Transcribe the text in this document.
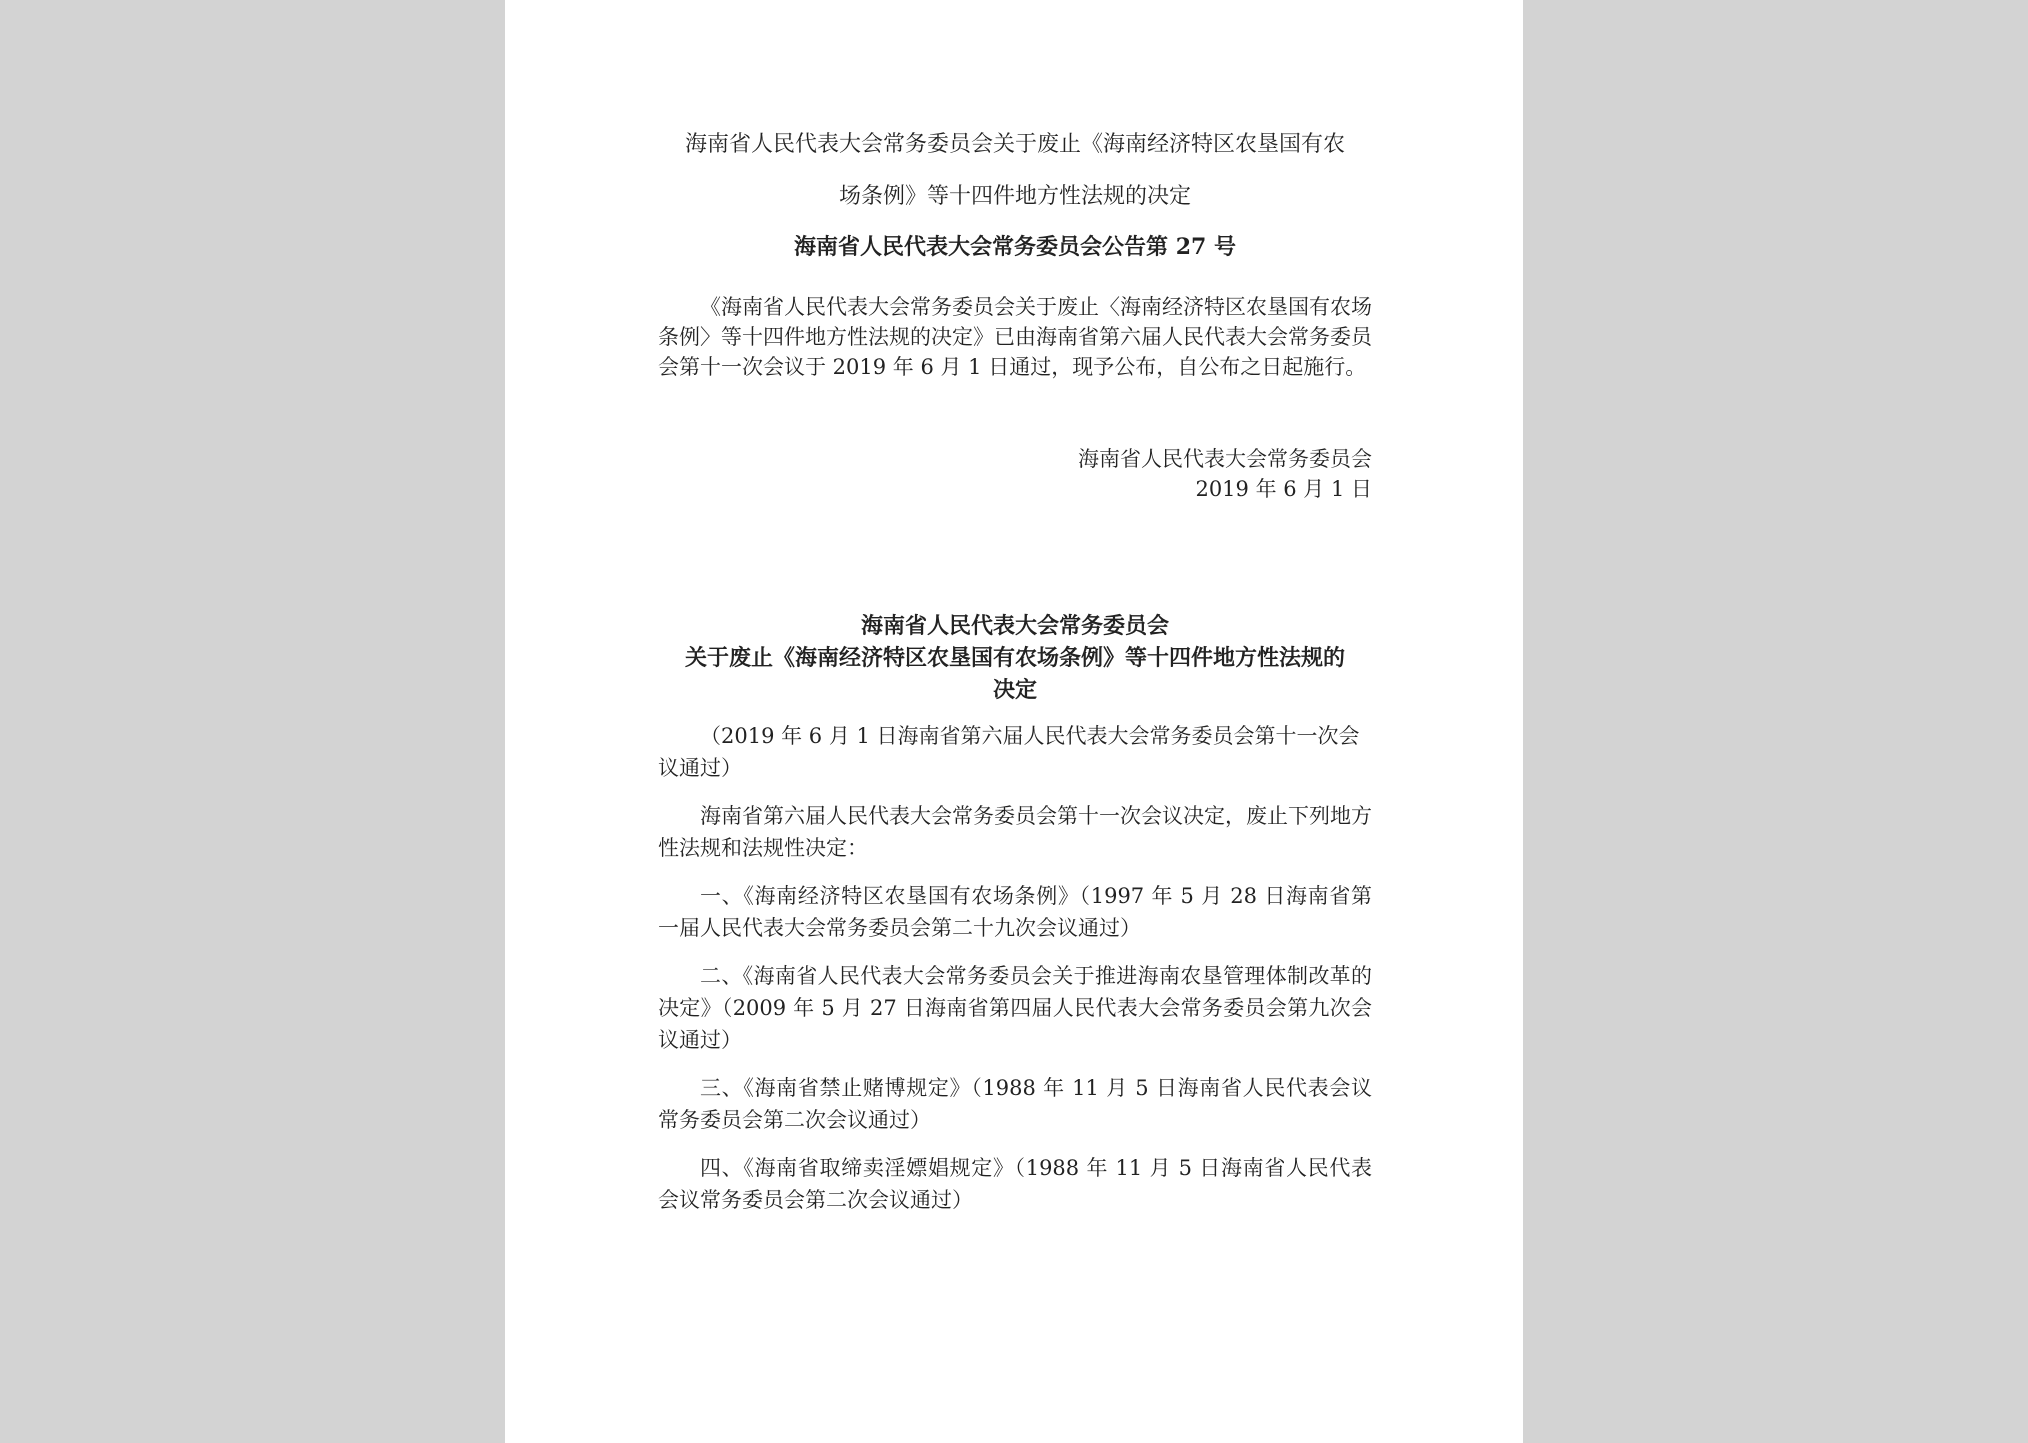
海南省人民代表大会常务委员会关于废止《海南经济特区农垦国有农

场条例》等十四件地方性法规的决定

海南省人民代表大会常务委员会公告第 27 号

《海南省人民代表大会常务委员会关于废止〈海南经济特区农垦国有农场条例〉等十四件地方性法规的决定》已由海南省第六届人民代表大会常务委员会第十一次会议于 2019 年 6 月 1 日通过，现予公布，自公布之日起施行。

海南省人民代表大会常务委员会

2019 年 6 月 1 日

海南省人民代表大会常务委员会

关于废止《海南经济特区农垦国有农场条例》等十四件地方性法规的

决定

（2019 年 6 月 1 日海南省第六届人民代表大会常务委员会第十一次会议通过）

海南省第六届人民代表大会常务委员会第十一次会议决定，废止下列地方性法规和法规性决定：

一、《海南经济特区农垦国有农场条例》（1997 年 5 月 28 日海南省第一届人民代表大会常务委员会第二十九次会议通过）

二、《海南省人民代表大会常务委员会关于推进海南农垦管理体制改革的决定》（2009 年 5 月 27 日海南省第四届人民代表大会常务委员会第九次会议通过）

三、《海南省禁止赌博规定》（1988 年 11 月 5 日海南省人民代表会议常务委员会第二次会议通过）

四、《海南省取缔卖淫嫖娼规定》（1988 年 11 月 5 日海南省人民代表会议常务委员会第二次会议通过）
